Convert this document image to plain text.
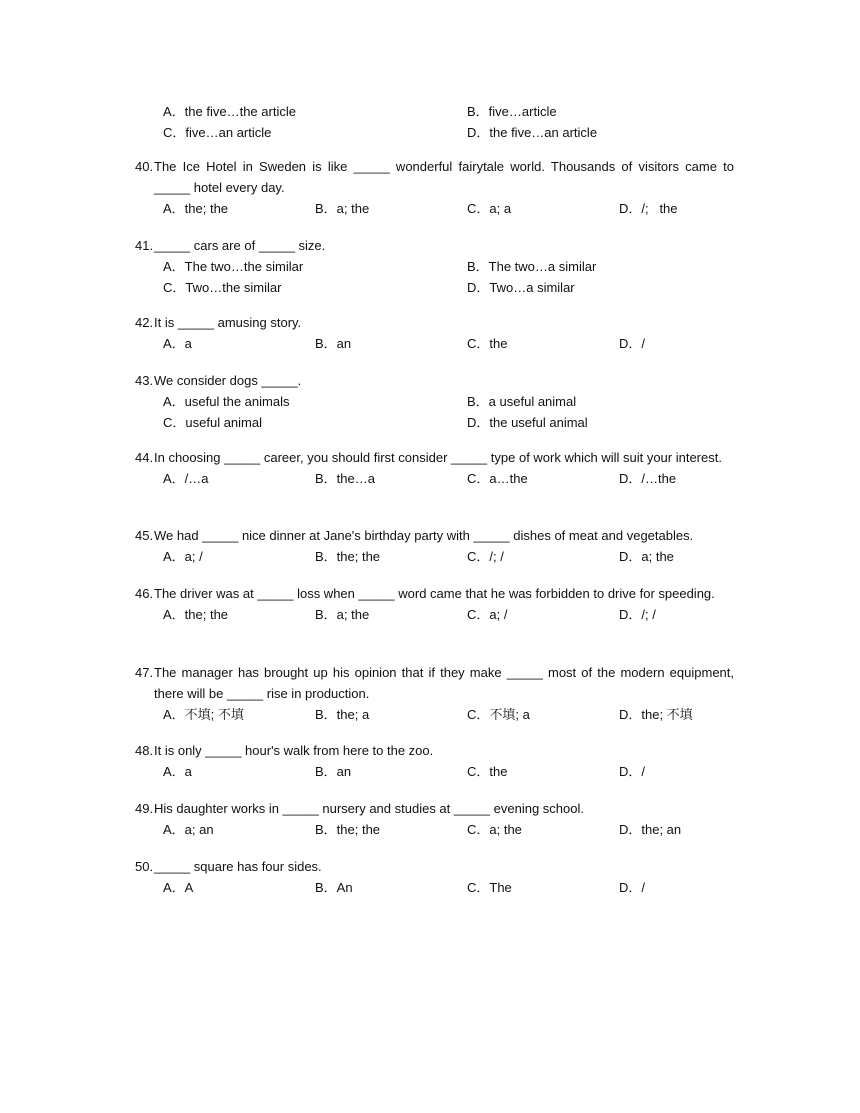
A．the five…the article	B．five…article
C．five…an article	D．the five…an article
40. The Ice Hotel in Sweden is like _____ wonderful fairytale world. Thousands of visitors came to _____ hotel every day.
A．the; the	B．a; the	C．a; a	D．/;   the
41. _____ cars are of _____ size.
A．The two…the similar	B．The two…a similar
C．Two…the similar	D．Two…a similar
42. It is _____ amusing story.
A．a	B．an	C．the	D．/
43. We consider dogs _____.
A．useful the animals	B．a useful animal
C．useful animal	D．the useful animal
44. In choosing _____ career, you should first consider _____ type of work which will suit your interest.
A．/…a	B．the…a	C．a…the	D．/…the
45. We had _____ nice dinner at Jane's birthday party with _____ dishes of meat and vegetables.
A．a; /	B．the; the	C．/; /	D．a; the
46. The driver was at _____ loss when _____ word came that he was forbidden to drive for speeding.
A．the; the	B．a; the	C．a; /	D．/; /
47. The manager has brought up his opinion that if they make _____ most of the modern equipment, there will be _____ rise in production.
A．不填; 不填	B．the; a	C．不填; a	D．the; 不填
48. It is only _____ hour's walk from here to the zoo.
A．a	B．an	C．the	D．/
49. His daughter works in _____ nursery and studies at _____ evening school.
A．a; an	B．the; the	C．a; the	D．the; an
50. _____ square has four sides.
A．A	B．An	C．The	D．/
